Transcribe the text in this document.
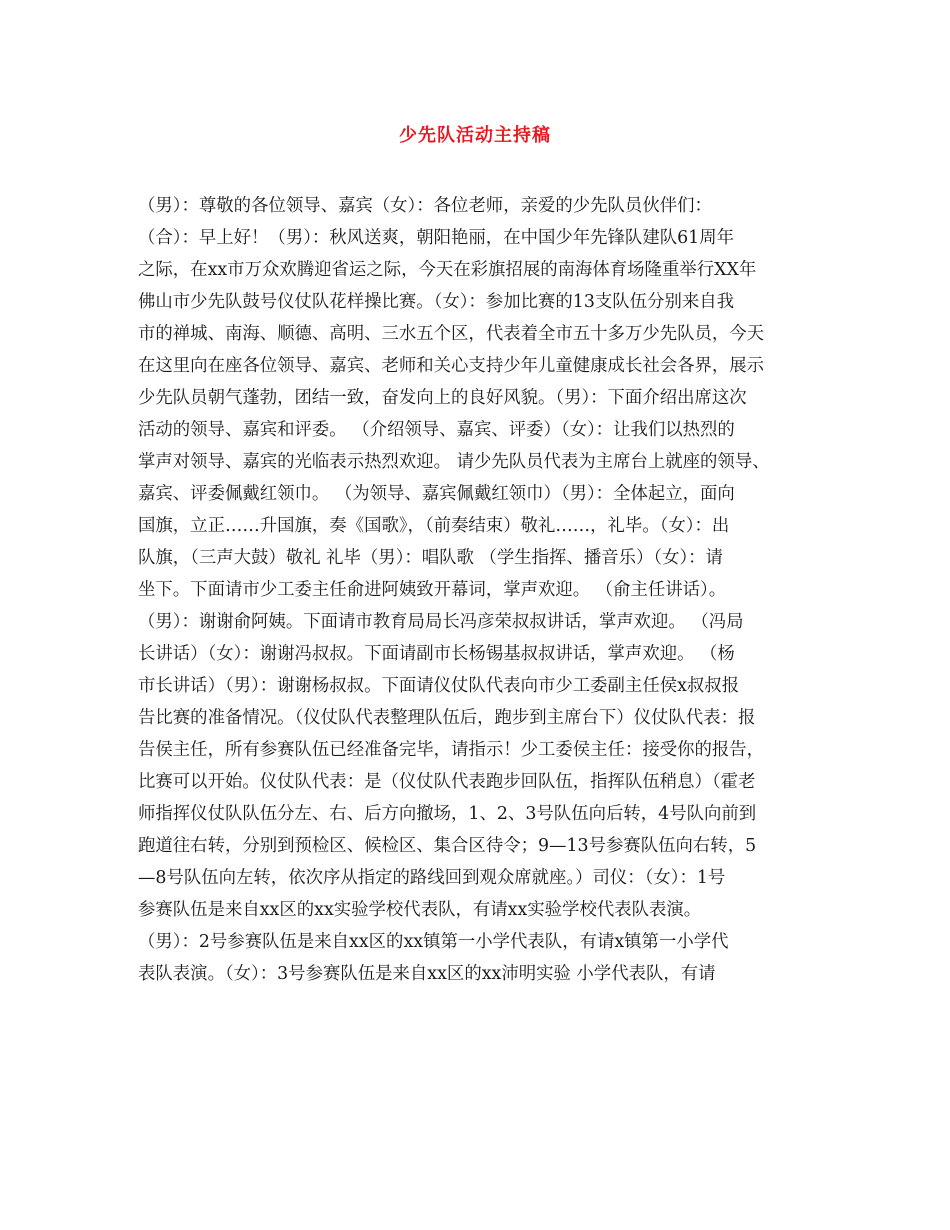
少先队活动主持稿
（男）：尊敬的各位领导、嘉宾（女）：各位老师，亲爱的少先队员伙伴们：
（合）：早上好！（男）：秋风送爽，朝阳艳丽，在中国少年先锋队建队61周年
之际，在xx市万众欢腾迎省运之际，今天在彩旗招展的南海体育场隆重举行XX年
佛山市少先队鼓号仪仗队花样操比赛。（女）：参加比赛的13支队伍分别来自我
市的禅城、南海、顺德、高明、三水五个区，代表着全市五十多万少先队员，今天
在这里向在座各位领导、嘉宾、老师和关心支持少年儿童健康成长社会各界，展示
少先队员朝气蓬勃，团结一致，奋发向上的良好风貌。（男）：下面介绍出席这次
活动的领导、嘉宾和评委。 （介绍领导、嘉宾、评委）（女）：让我们以热烈的
掌声对领导、嘉宾的光临表示热烈欢迎。 请少先队员代表为主席台上就座的领导、
嘉宾、评委佩戴红领巾。 （为领导、嘉宾佩戴红领巾）（男）：全体起立，面向
国旗，立正……升国旗，奏《国歌》，（前奏结束）敬礼……，礼毕。（女）：出
队旗，（三声大鼓）敬礼 礼毕（男）：唱队歌 （学生指挥、播音乐）（女）：请
坐下。下面请市少工委主任俞进阿姨致开幕词，掌声欢迎。 （俞主任讲话）。
（男）：谢谢俞阿姨。下面请市教育局局长冯彦荣叔叔讲话，掌声欢迎。 （冯局
长讲话）（女）：谢谢冯叔叔。下面请副市长杨锡基叔叔讲话，掌声欢迎。 （杨
市长讲话）（男）：谢谢杨叔叔。下面请仪仗队代表向市少工委副主任侯x叔叔报
告比赛的准备情况。（仪仗队代表整理队伍后，跑步到主席台下）仪仗队代表：报
告侯主任，所有参赛队伍已经准备完毕，请指示！少工委侯主任：接受你的报告，
比赛可以开始。仪仗队代表：是（仪仗队代表跑步回队伍，指挥队伍稍息）（霍老
师指挥仪仗队队伍分左、右、后方向撤场，1、2、3号队伍向后转，4号队向前到
跑道往右转，分别到预检区、候检区、集合区待令；9—13号参赛队伍向右转，5
—8号队伍向左转，依次序从指定的路线回到观众席就座。）司仪：（女）：1号
参赛队伍是来自xx区的xx实验学校代表队，有请xx实验学校代表队表演。
（男）：2号参赛队伍是来自xx区的xx镇第一小学代表队，有请x镇第一小学代
表队表演。（女）：3号参赛队伍是来自xx区的xx沛明实验 小学代表队，有请
